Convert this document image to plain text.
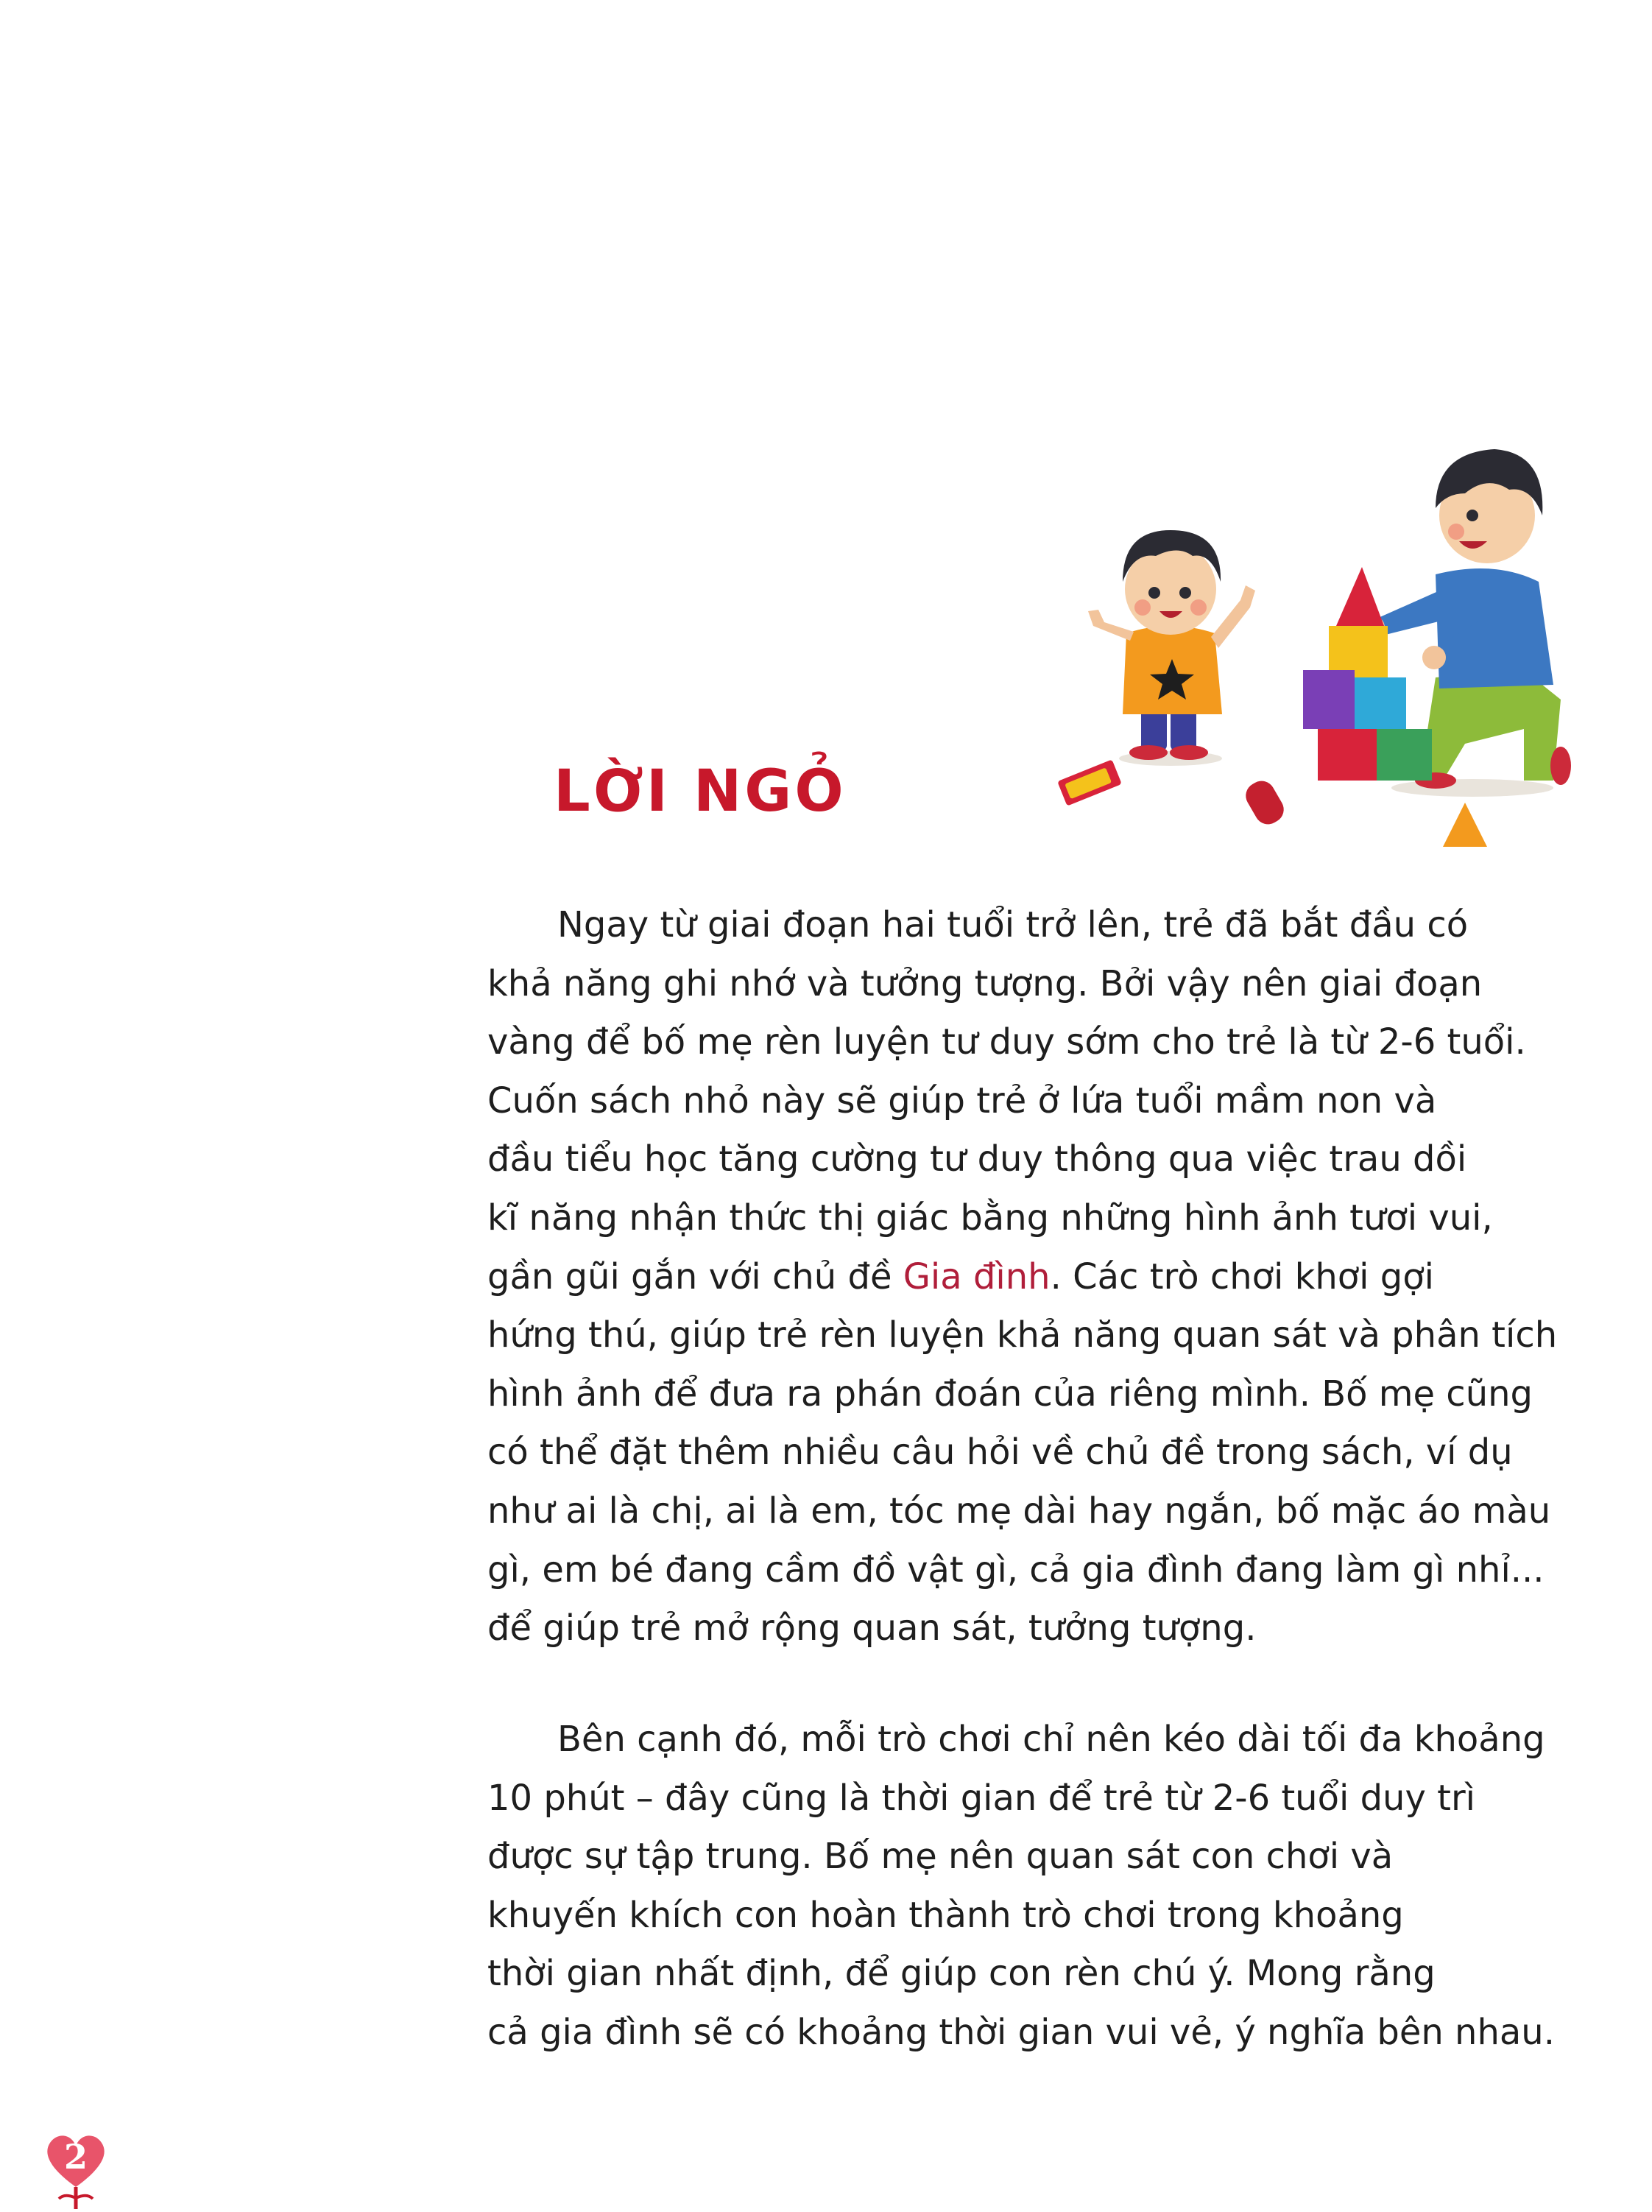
LỜI NGỎ
Ngay từ giai đoạn hai tuổi trở lên, trẻ đã bắt đầu có
khả năng ghi nhớ và tưởng tượng. Bởi vậy nên giai đoạn
vàng để bố mẹ rèn luyện tư duy sớm cho trẻ là từ 2-6 tuổi.
Cuốn sách nhỏ này sẽ giúp trẻ ở lứa tuổi mầm non và
đầu tiểu học tăng cường tư duy thông qua việc trau dồi
kĩ năng nhận thức thị giác bằng những hình ảnh tươi vui,
gần gũi gắn với chủ đề Gia đình. Các trò chơi khơi gợi
hứng thú, giúp trẻ rèn luyện khả năng quan sát và phân tích
hình ảnh để đưa ra phán đoán của riêng mình. Bố mẹ cũng
có thể đặt thêm nhiều câu hỏi về chủ đề trong sách, ví dụ
như ai là chị, ai là em, tóc mẹ dài hay ngắn, bố mặc áo màu
gì, em bé đang cầm đồ vật gì, cả gia đình đang làm gì nhỉ...
để giúp trẻ mở rộng quan sát, tưởng tượng.
Bên cạnh đó, mỗi trò chơi chỉ nên kéo dài tối đa khoảng
10 phút – đây cũng là thời gian để trẻ từ 2-6 tuổi duy trì
được sự tập trung. Bố mẹ nên quan sát con chơi và
khuyến khích con hoàn thành trò chơi trong khoảng
thời gian nhất định, để giúp con rèn chú ý. Mong rằng
cả gia đình sẽ có khoảng thời gian vui vẻ, ý nghĩa bên nhau.
2
